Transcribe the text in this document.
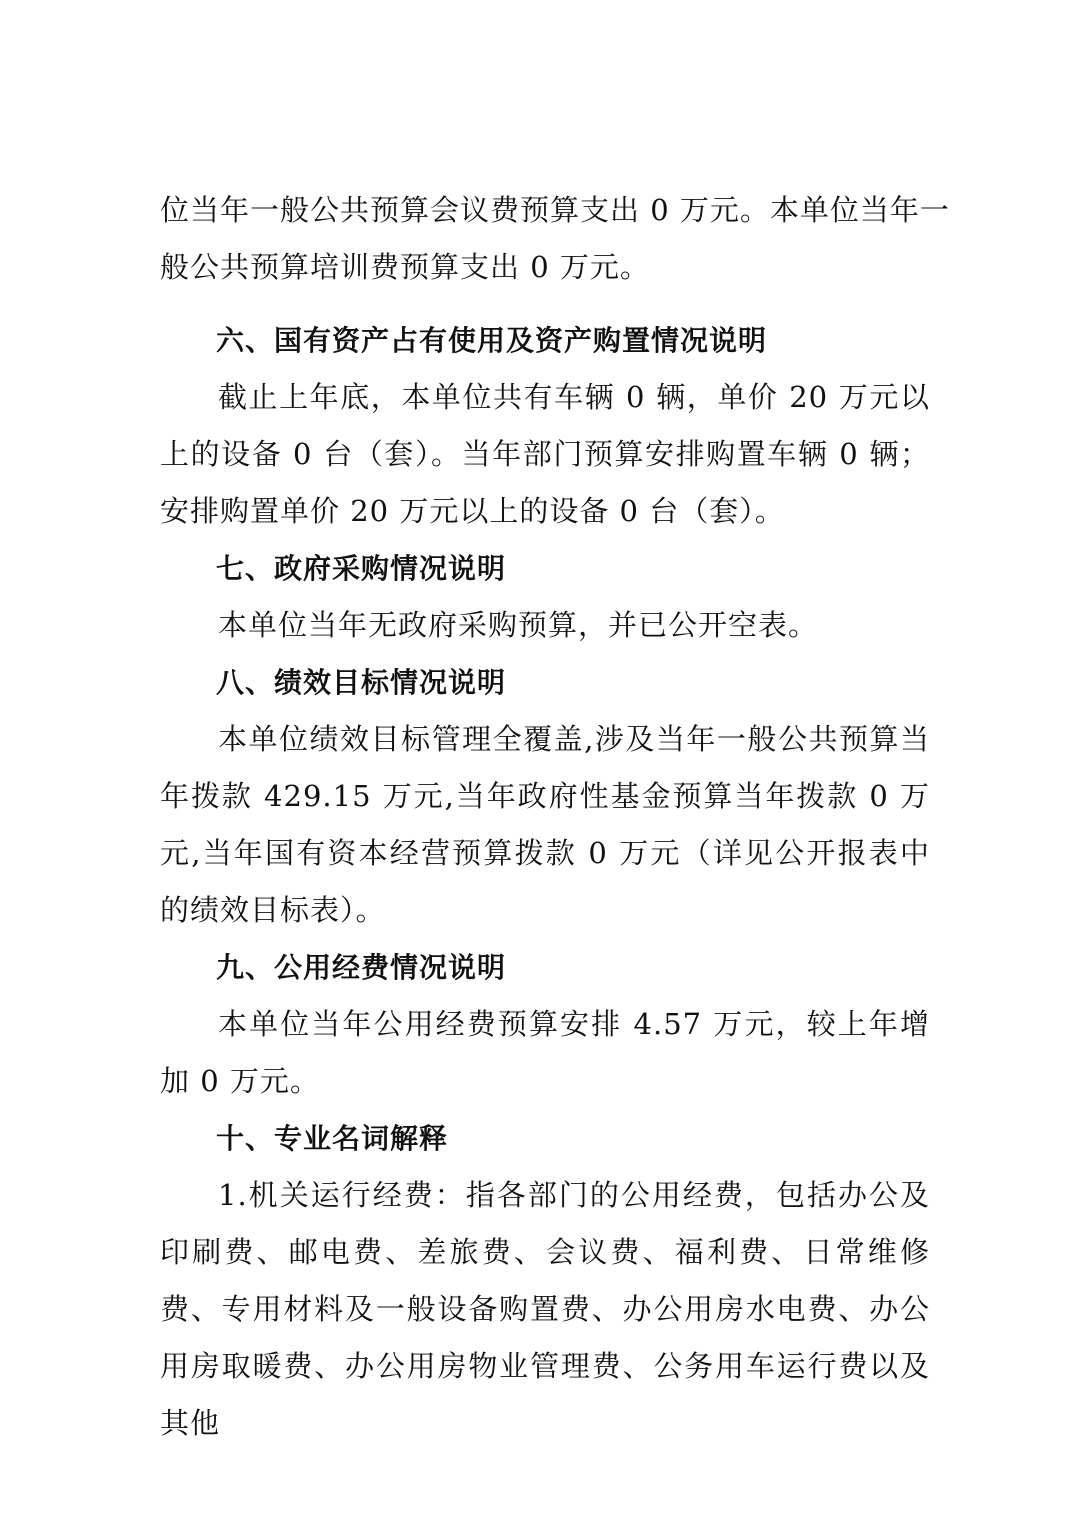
位当年一般公共预算会议费预算支出 0 万元。本单位当年一
般公共预算培训费预算支出 0 万元。

六、国有资产占有使用及资产购置情况说明

截止上年底，本单位共有车辆 0 辆，单价 20 万元以上的设备 0 台（套）。当年部门预算安排购置车辆 0 辆；安排购置单价 20 万元以上的设备 0 台（套）。

七、政府采购情况说明

本单位当年无政府采购预算，并已公开空表。

八、绩效目标情况说明

本单位绩效目标管理全覆盖,涉及当年一般公共预算当年拨款 429.15 万元,当年政府性基金预算当年拨款 0 万元,当年国有资本经营预算拨款 0 万元（详见公开报表中的绩效目标表）。

九、公用经费情况说明

本单位当年公用经费预算安排 4.57 万元，较上年增加 0 万元。

十、专业名词解释

1.机关运行经费：指各部门的公用经费，包括办公及印刷费、邮电费、差旅费、会议费、福利费、日常维修费、专用材料及一般设备购置费、办公用房水电费、办公用房取暖费、办公用房物业管理费、公务用车运行费以及其他
